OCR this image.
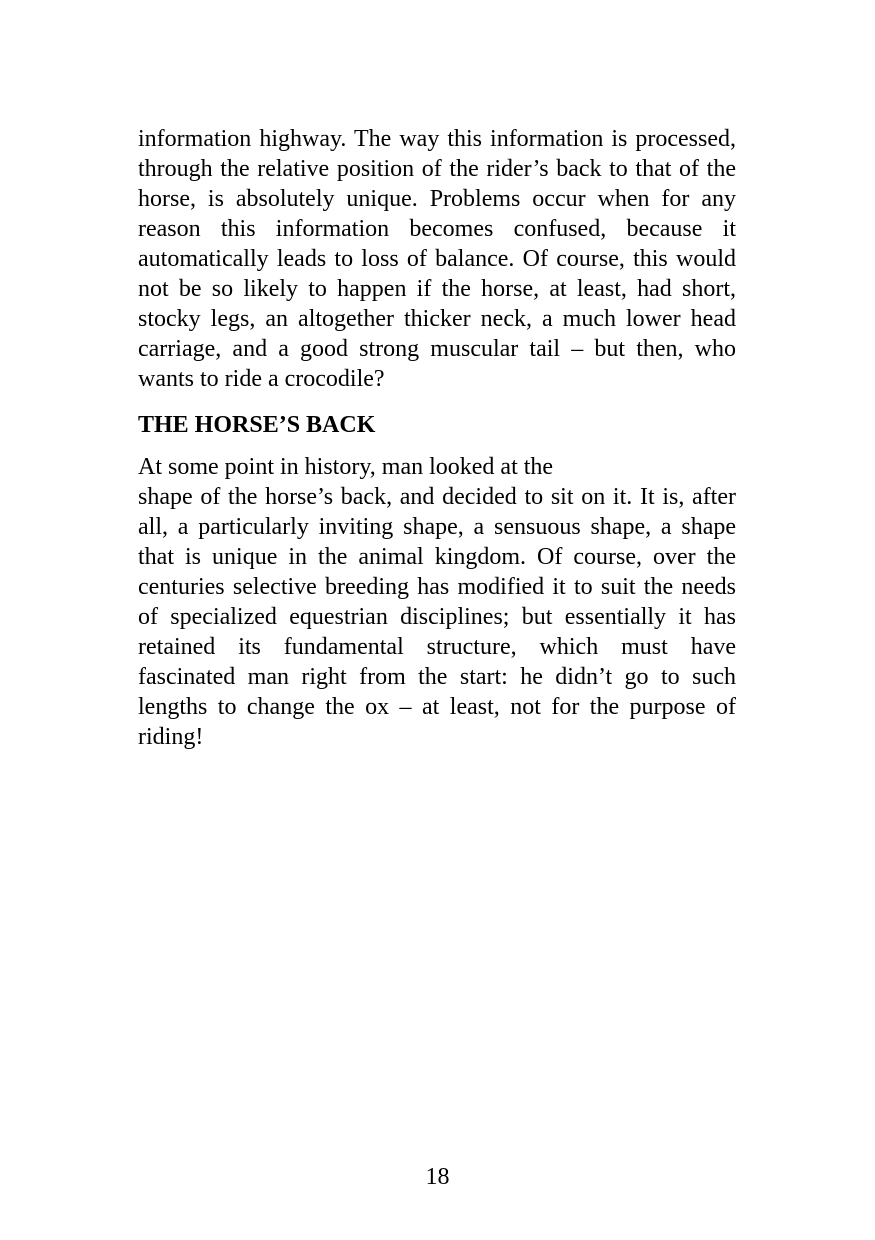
information highway. The way this information is processed, through the relative position of the rider’s back to that of the horse, is absolutely unique. Problems occur when for any reason this information becomes confused, because it automatically leads to loss of balance. Of course, this would not be so likely to happen if the horse, at least, had short, stocky legs, an altogether thicker neck, a much lower head carriage, and a good strong muscular tail – but then, who wants to ride a crocodile?

THE HORSE’S BACK
At some point in history, man looked at the

shape of the horse’s back, and decided to sit on it. It is, after all, a particularly inviting shape, a sensuous shape, a shape that is unique in the animal kingdom. Of course, over the centuries selective breeding has modified it to suit the needs of specialized equestrian disciplines; but essentially it has retained its fundamental structure, which must have fascinated man right from the start: he didn’t go to such lengths to change the ox – at least, not for the purpose of riding!

18
